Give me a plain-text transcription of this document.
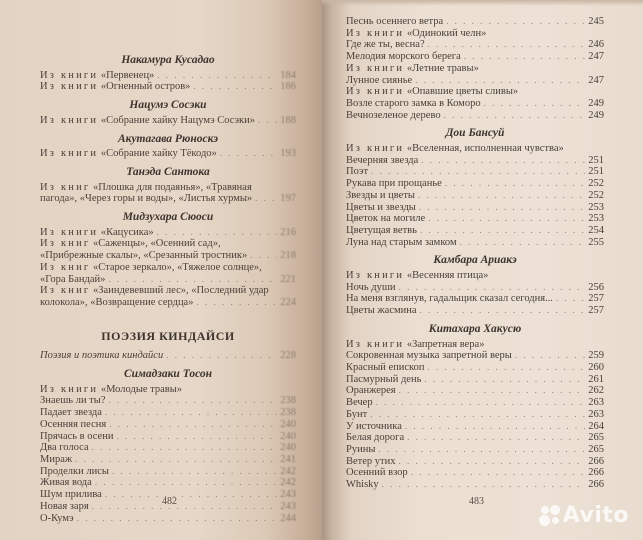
Накамура Кусадао
Из книги «Первенец» . . .	184
Из книги «Огненный остров» . . .	186
Нацумэ Сосэки
Из книги «Собрание хайку Нацумэ Сосэки» . . . 188
Акутагава Рюноскэ
Из книги «Собрание хайку Тёкодо» . . .	193
Танэда Сантока
Из книг «Плошка для подаянья», «Травяная
пагода», «Через горы и воды», «Листья хурмы» . . .	197
Мидзухара Сюоси
Из книги «Кацусика» . . .	216
Из книг «Саженцы», «Осенний сад»,
«Прибрежные скалы», «Срезанный тростник» . . .	218
Из книг «Старое зеркало», «Тяжелое солнце»,
«Гора Бандай» . . .	221
Из книг «Заиндевевший лес», «Последний удар
колокола», «Возвращение сердца» . . .	224
ПОЭЗИЯ КИНДАЙСИ
Поэзия и поэтика киндайси . . .	228
Симадзаки Тосон
Из книги «Молодые травы»
Знаешь ли ты? . . .	238
Падает звезда . . .	238
Осенняя песня . . .	240
Прячась в осени . . .	240
Два голоса . . .	240
Мираж . . .	241
Проделки лисы . . .	242
Живая вода . . .	242
Шум прилива . . .	243
Новая заря . . .	243
О-Кумэ . . .	244
482
Песнь осеннего ветра . . .	245
Из книги «Одинокий челн»
Где же ты, весна? . . .	246
Мелодия морского берега . . .	247
Из книги «Летние травы»
Лунное сиянье . . .	247
Из книги «Опавшие цветы сливы»
Возле старого замка в Коморо . . .	249
Вечнозеленое дерево . . .	249
Дои Бансуй
Из книги «Вселенная, исполненная чувства»
Вечерняя звезда . . .	251
Поэт . . .	251
Рукава при прощанье . . .	252
Звезды и цветы . . .	252
Цветы и звезды . . .	253
Цветок на могиле . . .	253
Цветущая ветвь . . .	254
Луна над старым замком . . .	255
Камбара Ариакэ
Из книги «Весенняя птица»
Ночь души . . .	256
На меня взглянув, гадальщик сказал сегодня... . . .	257
Цветы жасмина . . .	257
Китахара Хакусю
Из книги «Запретная вера»
Сокровенная музыка запретной веры . . .	259
Красный епископ . . .	260
Пасмурный день . . .	261
Оранжерея . . .	262
Вечер . . .	263
Бунт . . .	263
У источника . . .	264
Белая дорога . . .	265
Руины . . .	265
Ветер утих . . .	266
Осенний взор . . .	266
Whisky . . .	266
483
Avito
